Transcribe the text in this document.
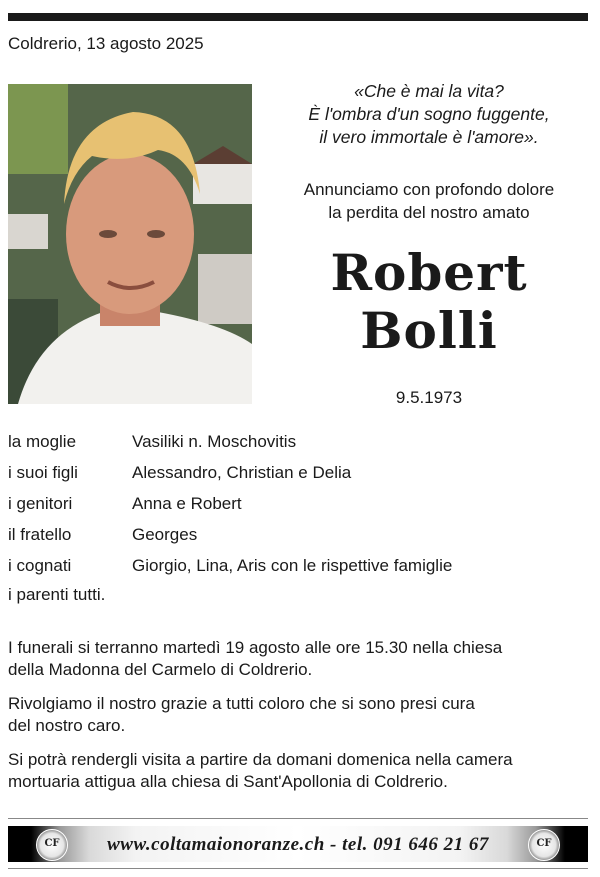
Coldrerio, 13 agosto 2025
«Che è mai la vita?
È l'ombra d'un sogno fuggente,
il vero immortale è l'amore».
Annunciamo con profondo dolore
la perdita del nostro amato
Robert
Bolli
9.5.1973
la moglie	Vasiliki n. Moschovitis
i suoi figli	Alessandro, Christian e Delia
i genitori	Anna e Robert
il fratello	Georges
i cognati	Giorgio, Lina, Aris con le rispettive famiglie
i parenti tutti.
I funerali si terranno martedì 19 agosto alle ore 15.30 nella chiesa
della Madonna del Carmelo di Coldrerio.
Rivolgiamo il nostro grazie a tutti coloro che si sono presi cura
del nostro caro.
Si potrà rendergli visita a partire da domani domenica nella camera
mortuaria attigua alla chiesa di Sant'Apollonia di Coldrerio.
CF	www.coltamaionoranze.ch - tel. 091 646 21 67	CF
